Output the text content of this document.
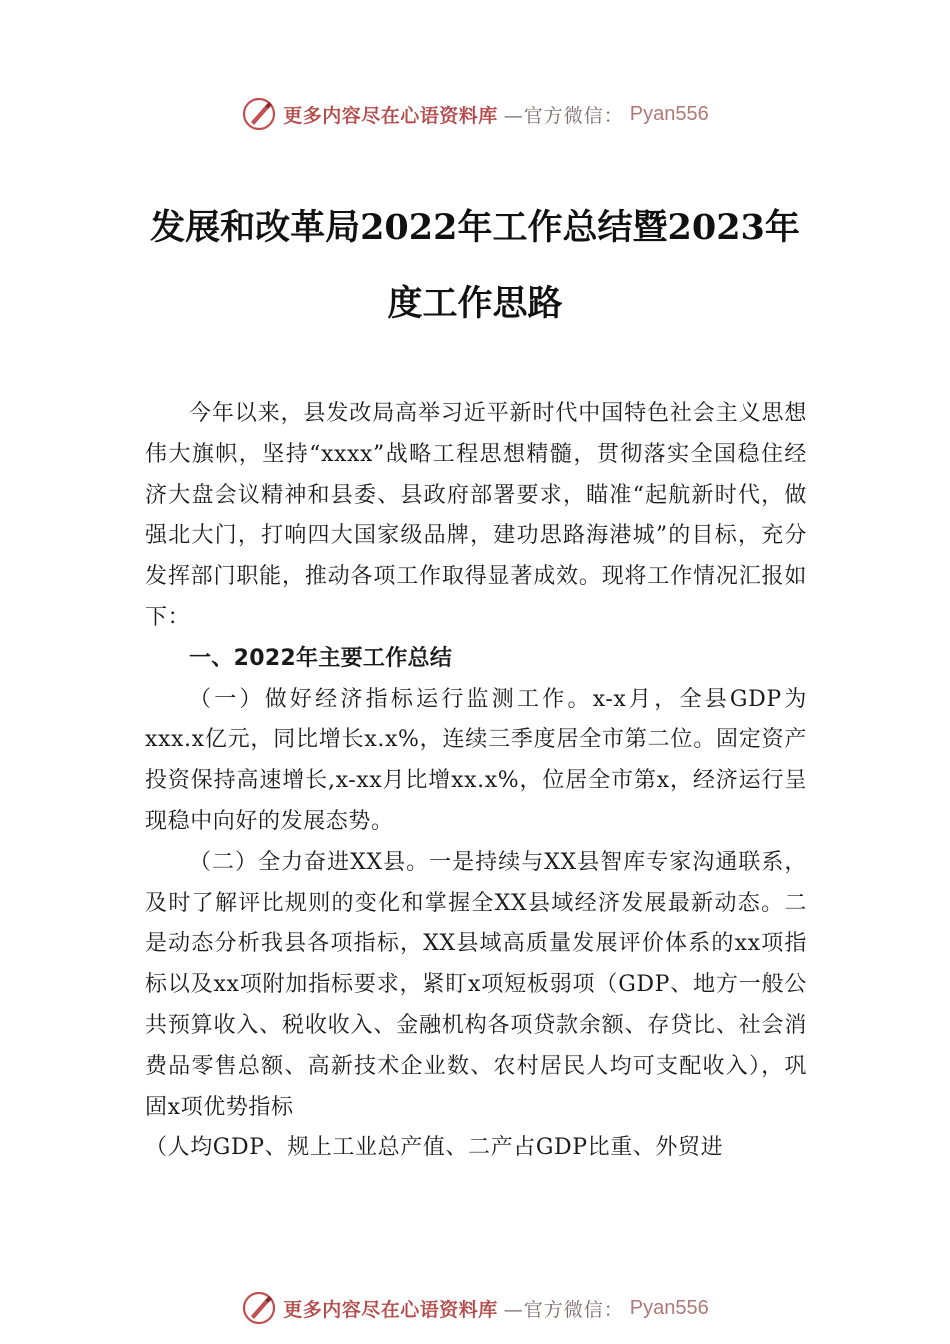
更多内容尽在心语资料库 —官方微信： Pyan556
发展和改革局2022年工作总结暨2023年
度工作思路

今年以来，县发改局高举习近平新时代中国特色社会主义思想伟大旗帜，坚持“xxxx”战略工程思想精髓，贯彻落实全国稳住经济大盘会议精神和县委、县政府部署要求，瞄准“起航新时代，做强北大门，打响四大国家级品牌，建功思路海港城”的目标，充分发挥部门职能，推动各项工作取得显著成效。现将工作情况汇报如下：

一、2022年主要工作总结

（一）做好经济指标运行监测工作。x-x月，全县GDP为xxx.x亿元，同比增长x.x%，连续三季度居全市第二位。固定资产投资保持高速增长,x-xx月比增xx.x%，位居全市第x，经济运行呈现稳中向好的发展态势。

（二）全力奋进XX县。一是持续与XX县智库专家沟通联系，及时了解评比规则的变化和掌握全XX县域经济发展最新动态。二是动态分析我县各项指标，XX县域高质量发展评价体系的xx项指标以及xx项附加指标要求，紧盯x项短板弱项（GDP、地方一般公共预算收入、税收收入、金融机构各项贷款余额、存贷比、社会消费品零售总额、高新技术企业数、农村居民人均可支配收入），巩固x项优势指标

（人均GDP、规上工业总产值、二产占GDP比重、外贸进

更多内容尽在心语资料库 —官方微信： Pyan556
